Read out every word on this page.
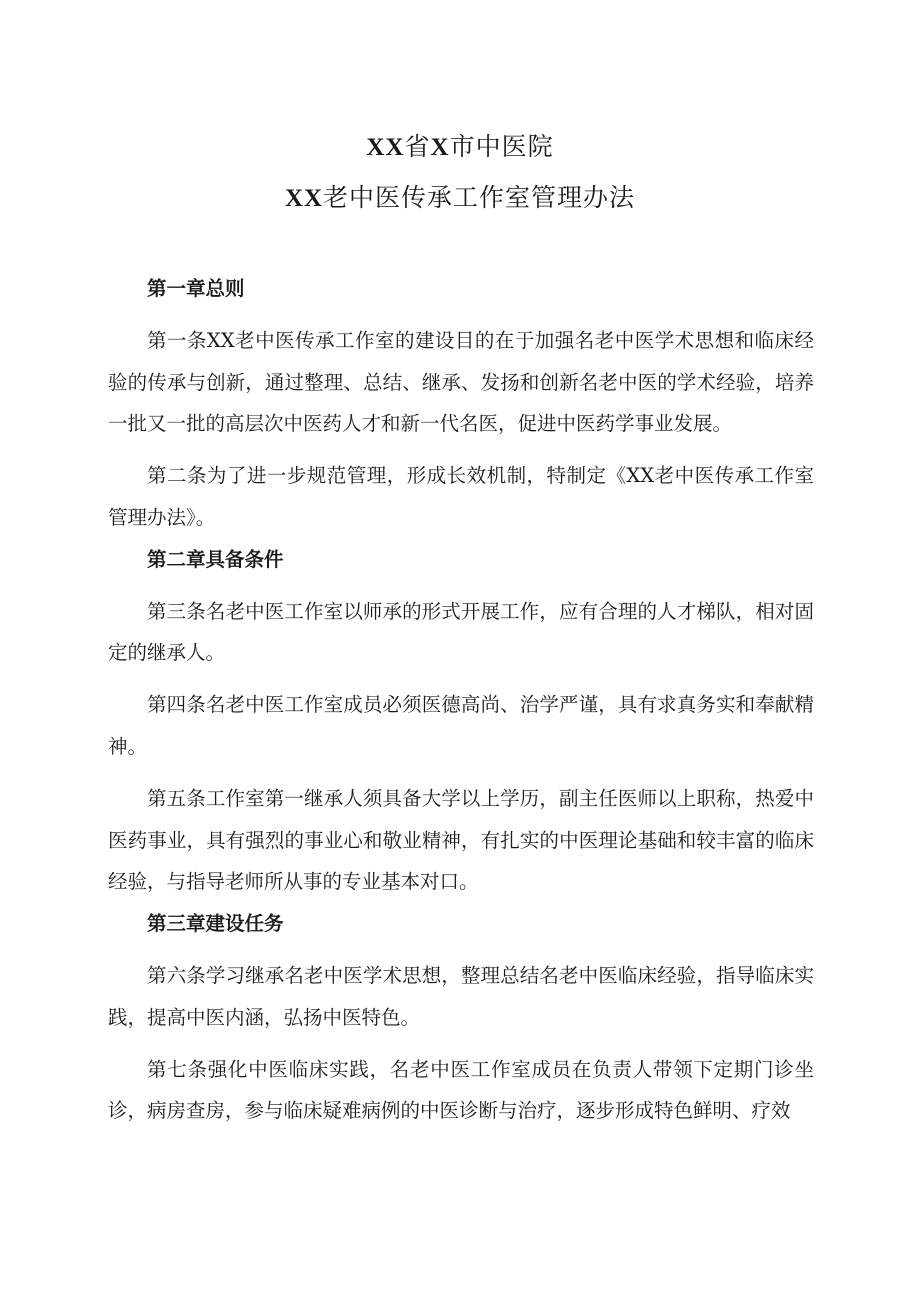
XX省X市中医院
XX老中医传承工作室管理办法

第一章总则

第一条XX老中医传承工作室的建设目的在于加强名老中医学术思想和临床经验的传承与创新，通过整理、总结、继承、发扬和创新名老中医的学术经验，培养一批又一批的高层次中医药人才和新一代名医，促进中医药学事业发展。

第二条为了进一步规范管理，形成长效机制，特制定《XX老中医传承工作室管理办法》。

第二章具备条件

第三条名老中医工作室以师承的形式开展工作，应有合理的人才梯队，相对固定的继承人。

第四条名老中医工作室成员必须医德高尚、治学严谨，具有求真务实和奉献精神。

第五条工作室第一继承人须具备大学以上学历，副主任医师以上职称，热爱中医药事业，具有强烈的事业心和敬业精神，有扎实的中医理论基础和较丰富的临床经验，与指导老师所从事的专业基本对口。

第三章建设任务

第六条学习继承名老中医学术思想，整理总结名老中医临床经验，指导临床实践，提高中医内涵，弘扬中医特色。

第七条强化中医临床实践，名老中医工作室成员在负责人带领下定期门诊坐诊，病房查房，参与临床疑难病例的中医诊断与治疗，逐步形成特色鲜明、疗效
